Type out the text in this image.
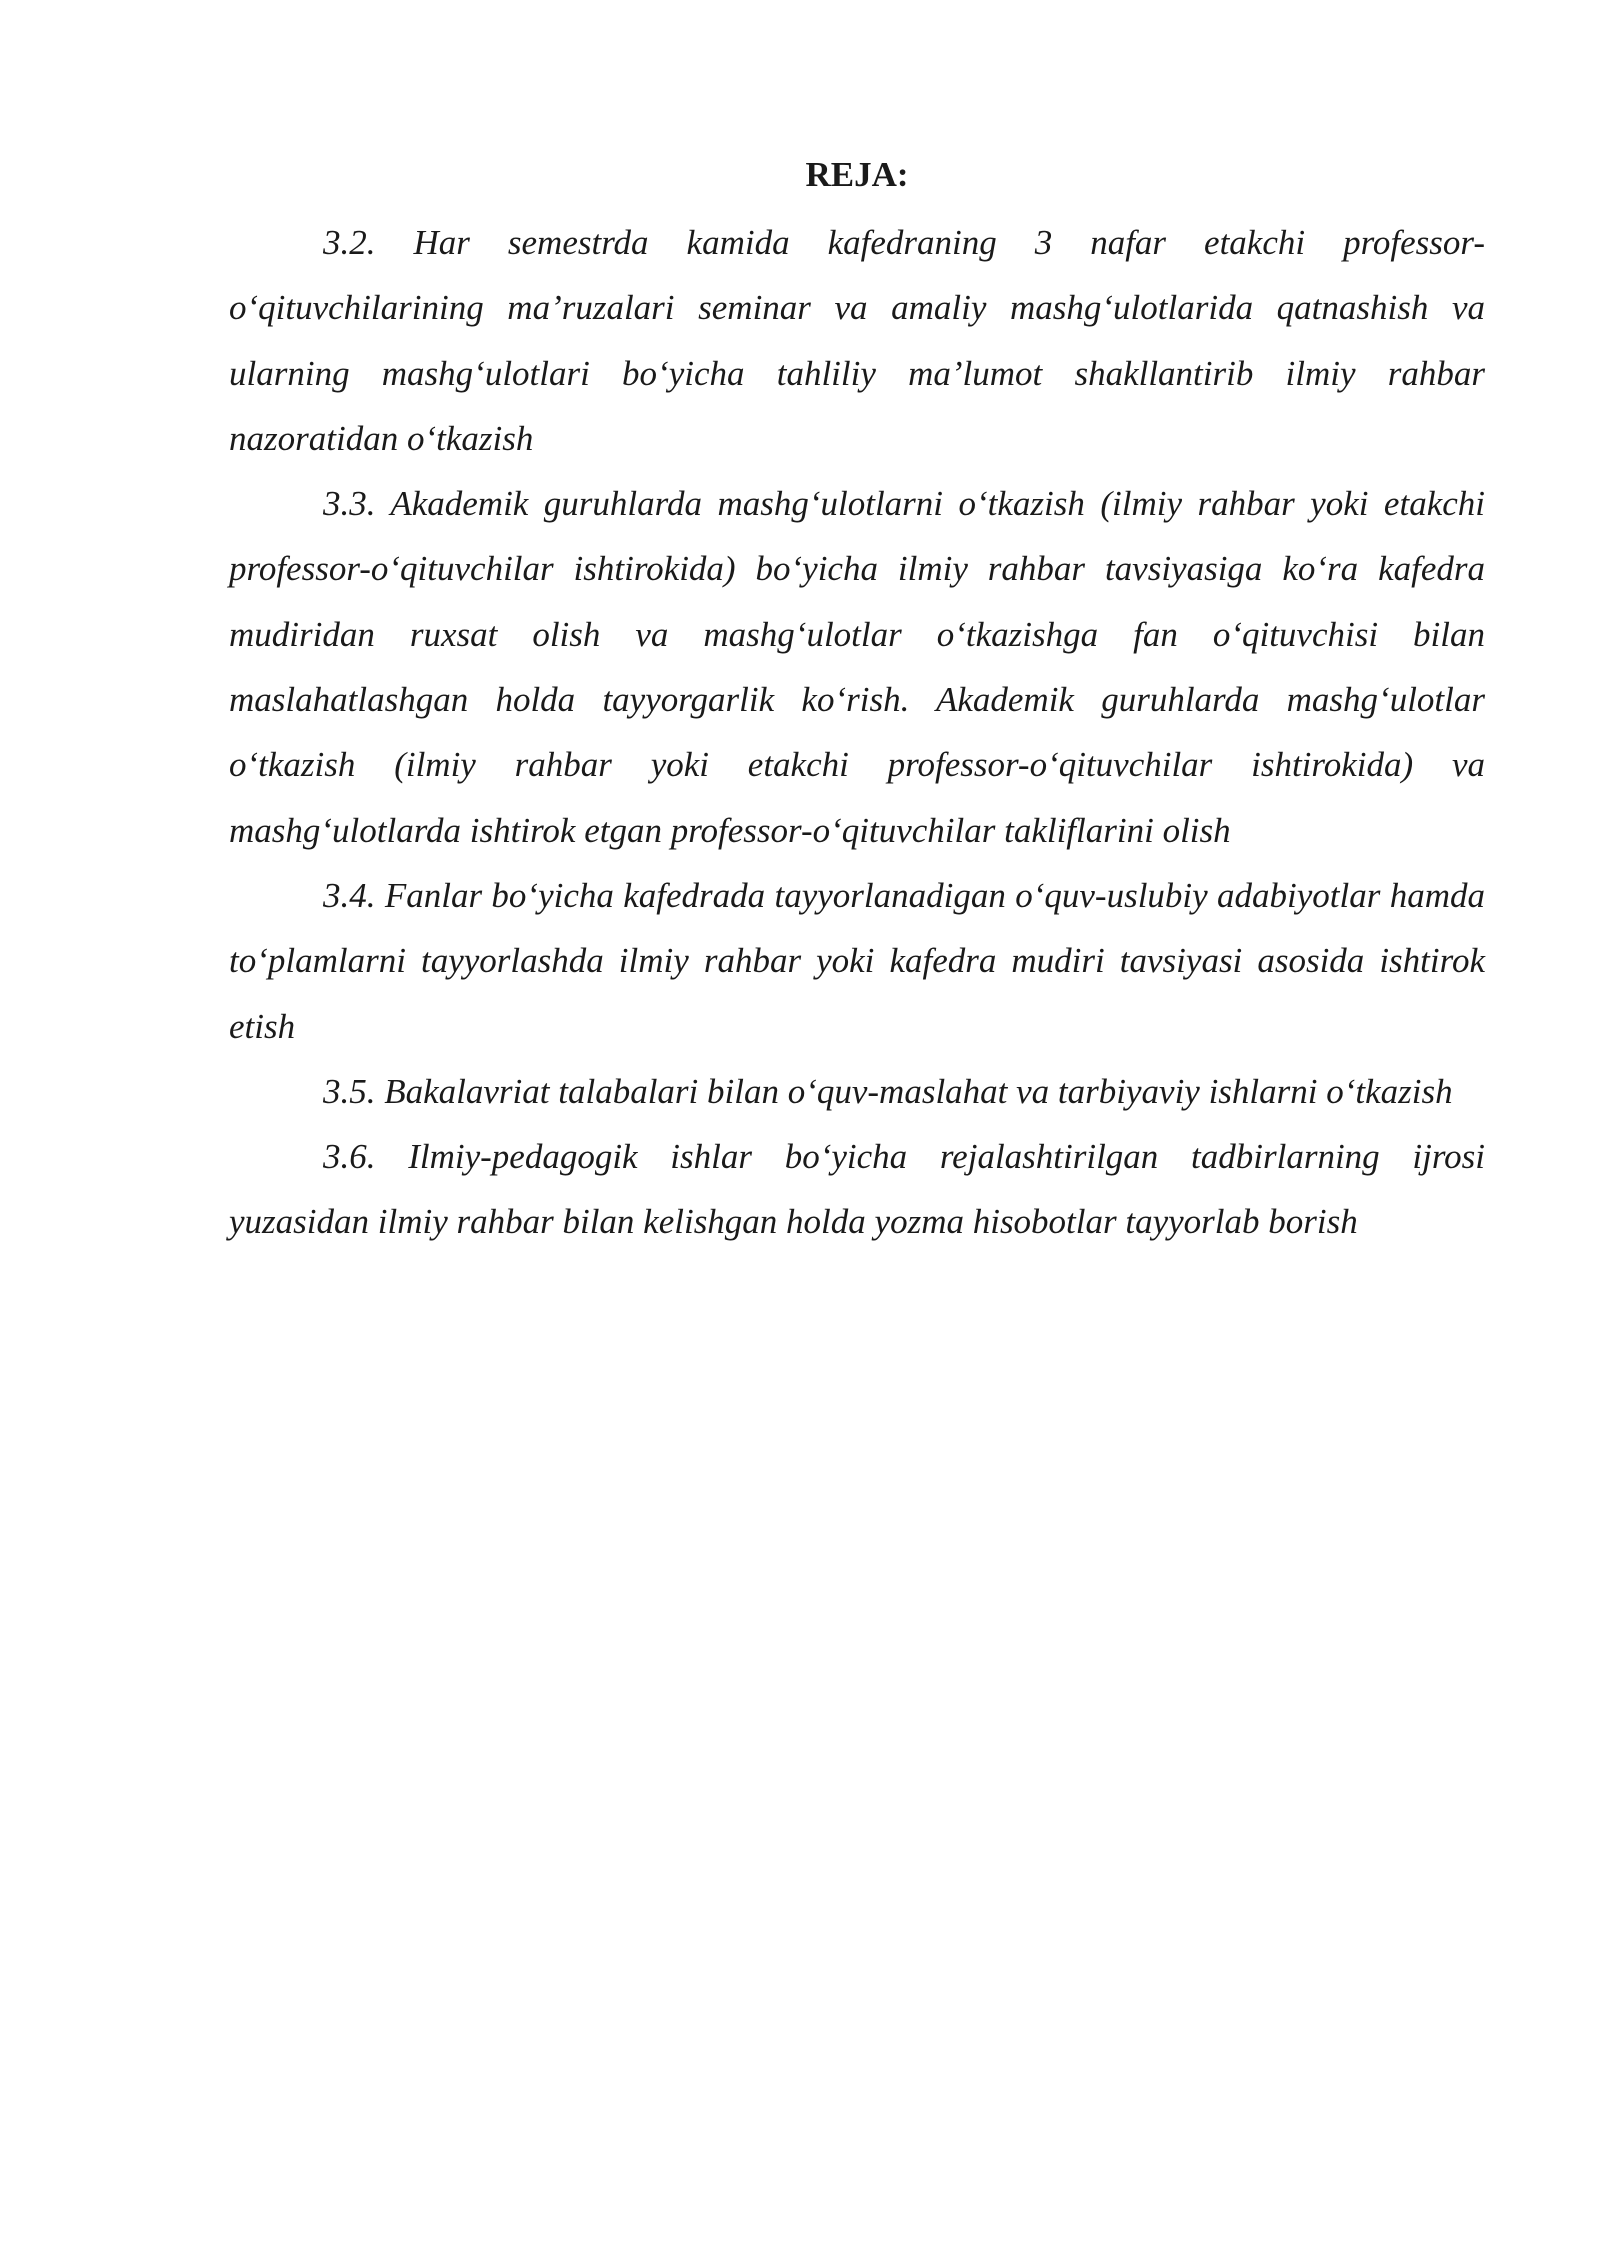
REJA:

3.2. Har semestrda kamida kafedraning 3 nafar etakchi professor-o‘qituvchilarining ma’ruzalari seminar va amaliy mashg‘ulotlarida qatnashish va ularning mashg‘ulotlari bo‘yicha tahliliy ma’lumot shakllantirib ilmiy rahbar nazoratidan o‘tkazish

3.3. Akademik guruhlarda mashg‘ulotlarni o‘tkazish (ilmiy rahbar yoki etakchi professor-o‘qituvchilar ishtirokida) bo‘yicha ilmiy rahbar tavsiyasiga ko‘ra kafedra mudiridan ruxsat olish va mashg‘ulotlar o‘tkazishga fan o‘qituvchisi bilan maslahatlashgan holda tayyorgarlik ko‘rish. Akademik guruhlarda mashg‘ulotlar o‘tkazish (ilmiy rahbar yoki etakchi professor-o‘qituvchilar ishtirokida) va mashg‘ulotlarda ishtirok etgan professor-o‘qituvchilar takliflarini olish

3.4. Fanlar bo‘yicha kafedrada tayyorlanadigan o‘quv-uslubiy adabiyotlar hamda to‘plamlarni tayyorlashda ilmiy rahbar yoki kafedra mudiri tavsiyasi asosida ishtirok etish

3.5. Bakalavriat talabalari bilan o‘quv-maslahat va tarbiyaviy ishlarni o‘tkazish

3.6. Ilmiy-pedagogik ishlar bo‘yicha rejalashtirilgan tadbirlarning ijrosi yuzasidan ilmiy rahbar bilan kelishgan holda yozma hisobotlar tayyorlab borish
